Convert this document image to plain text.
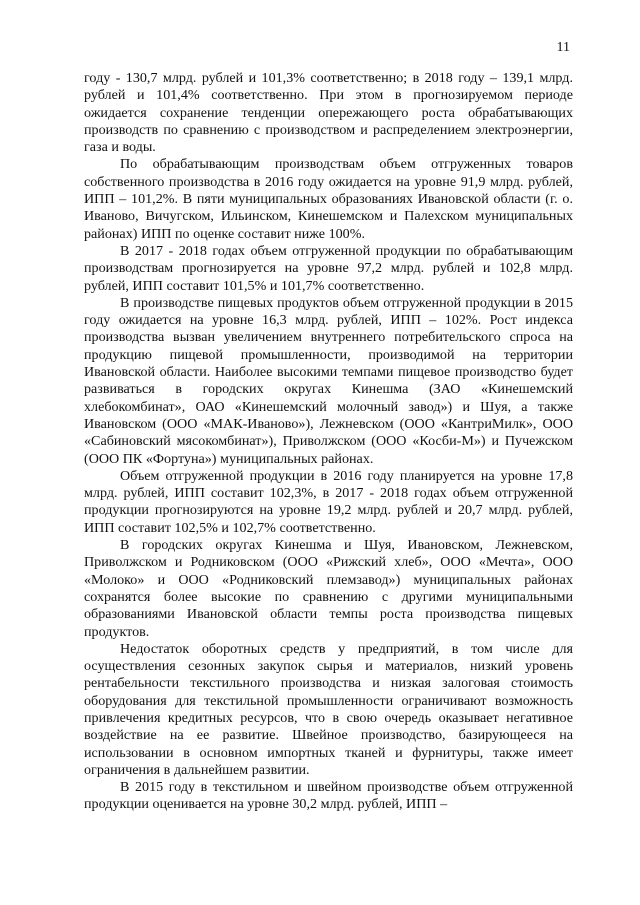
11

году - 130,7 млрд. рублей и 101,3% соответственно; в 2018 году – 139,1 млрд. рублей и 101,4% соответственно. При этом в прогнозируемом периоде ожидается сохранение тенденции опережающего роста обрабатывающих производств по сравнению с производством и распределением электроэнергии, газа и воды.

По обрабатывающим производствам объем отгруженных товаров собственного производства в 2016 году ожидается на уровне 91,9 млрд. рублей, ИПП – 101,2%. В пяти муниципальных образованиях Ивановской области (г. о. Иваново, Вичугском, Ильинском, Кинешемском и Палехском муниципальных районах) ИПП по оценке составит ниже 100%.

В 2017 - 2018 годах объем отгруженной продукции по обрабатывающим производствам прогнозируется на уровне 97,2 млрд. рублей и 102,8 млрд. рублей, ИПП составит 101,5% и 101,7% соответственно.

В производстве пищевых продуктов объем отгруженной продукции в 2015 году ожидается на уровне 16,3 млрд. рублей, ИПП – 102%. Рост индекса производства вызван увеличением внутреннего потребительского спроса на продукцию пищевой промышленности, производимой на территории Ивановской области. Наиболее высокими темпами пищевое производство будет развиваться в городских округах Кинешма (ЗАО «Кинешемский хлебокомбинат», ОАО «Кинешемский молочный завод») и Шуя, а также Ивановском (ООО «МАК-Иваново»), Лежневском (ООО «КантриМилк», ООО «Сабиновский мясокомбинат»), Приволжском (ООО «Косби-М») и Пучежском (ООО ПК «Фортуна») муниципальных районах.

Объем отгруженной продукции в 2016 году планируется на уровне 17,8 млрд. рублей, ИПП составит 102,3%, в 2017 - 2018 годах объем отгруженной продукции прогнозируются на уровне 19,2 млрд. рублей и 20,7 млрд. рублей, ИПП составит 102,5% и 102,7% соответственно.

В городских округах Кинешма и Шуя, Ивановском, Лежневском, Приволжском и Родниковском (ООО «Рижский хлеб», ООО «Мечта», ООО «Молоко» и ООО «Родниковский племзавод») муниципальных районах сохранятся более высокие по сравнению с другими муниципальными образованиями Ивановской области темпы роста производства пищевых продуктов.

Недостаток оборотных средств у предприятий, в том числе для осуществления сезонных закупок сырья и материалов, низкий уровень рентабельности текстильного производства и низкая залоговая стоимость оборудования для текстильной промышленности ограничивают возможность привлечения кредитных ресурсов, что в свою очередь оказывает негативное воздействие на ее развитие. Швейное производство, базирующееся на использовании в основном импортных тканей и фурнитуры, также имеет ограничения в дальнейшем развитии.

В 2015 году в текстильном и швейном производстве объем отгруженной продукции оценивается на уровне 30,2 млрд. рублей, ИПП –
